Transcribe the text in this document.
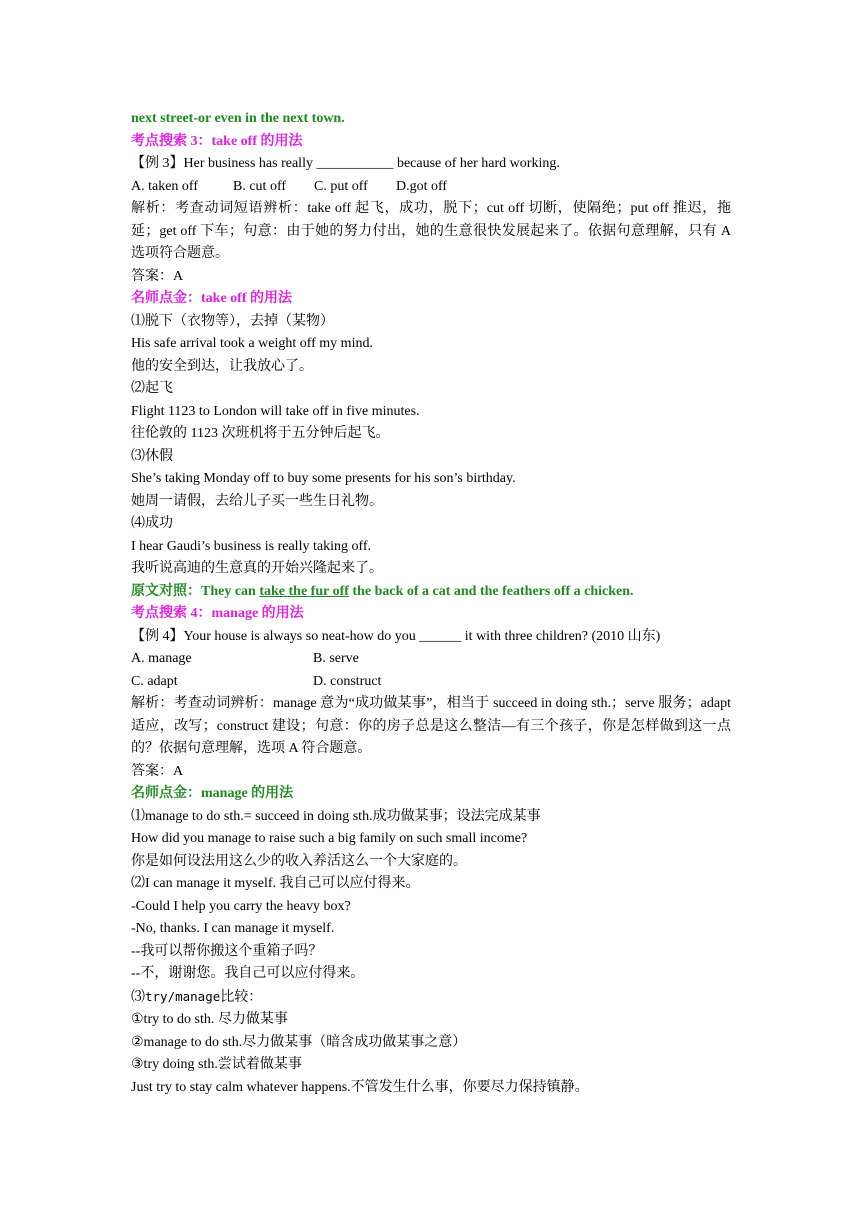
next street-or even in the next town.
考点搜索 3：take off 的用法
【例 3】Her business has really ___________ because of her hard working.
A. taken off	B. cut off C. put off D.got off
解析：考查动词短语辨析：take off 起飞，成功，脱下；cut off 切断，使隔绝；put off 推迟，拖延；get off 下车；句意：由于她的努力付出，她的生意很快发展起来了。依据句意理解，只有 A 选项符合题意。
答案：A
名师点金：take off 的用法
⑴脱下（衣物等），去掉（某物）
His safe arrival took a weight off my mind.
他的安全到达，让我放心了。
⑵起飞
Flight 1123 to London will take off in five minutes.
往伦敦的 1123 次班机将于五分钟后起飞。
⑶休假
She’s taking Monday off to buy some presents for his son’s birthday.
她周一请假，去给儿子买一些生日礼物。
⑷成功
I hear Gaudi’s business is really taking off.
我听说高迪的生意真的开始兴隆起来了。
原文对照：They can take the fur off the back of a cat and the feathers off a chicken.
考点搜索 4：manage 的用法
【例 4】Your house is always so neat-how do you ______ it with three children? (2010 山东)
A. manage	B. serve
C. adapt	D. construct
解析：考查动词辨析：manage 意为“成功做某事”，相当于 succeed in doing sth.；serve 服务；adapt 适应，改写；construct 建设；句意：你的房子总是这么整洁—有三个孩子，你是怎样做到这一点的？依据句意理解，选项 A 符合题意。
答案：A
名师点金：manage 的用法
⑴manage to do sth.= succeed in doing sth.成功做某事；设法完成某事
How did you manage to raise such a big family on such small income?
你是如何设法用这么少的收入养活这么一个大家庭的。
⑵I can manage it myself. 我自己可以应付得来。
-Could I help you carry the heavy box?
-No, thanks. I can manage it myself.
--我可以帮你搬这个重箱子吗？
--不，谢谢您。我自己可以应付得来。
⑶try/manage比较：
①try to do sth. 尽力做某事
②manage to do sth.尽力做某事（暗含成功做某事之意）
③try doing sth.尝试着做某事
Just try to stay calm whatever happens.不管发生什么事，你要尽力保持镇静。
